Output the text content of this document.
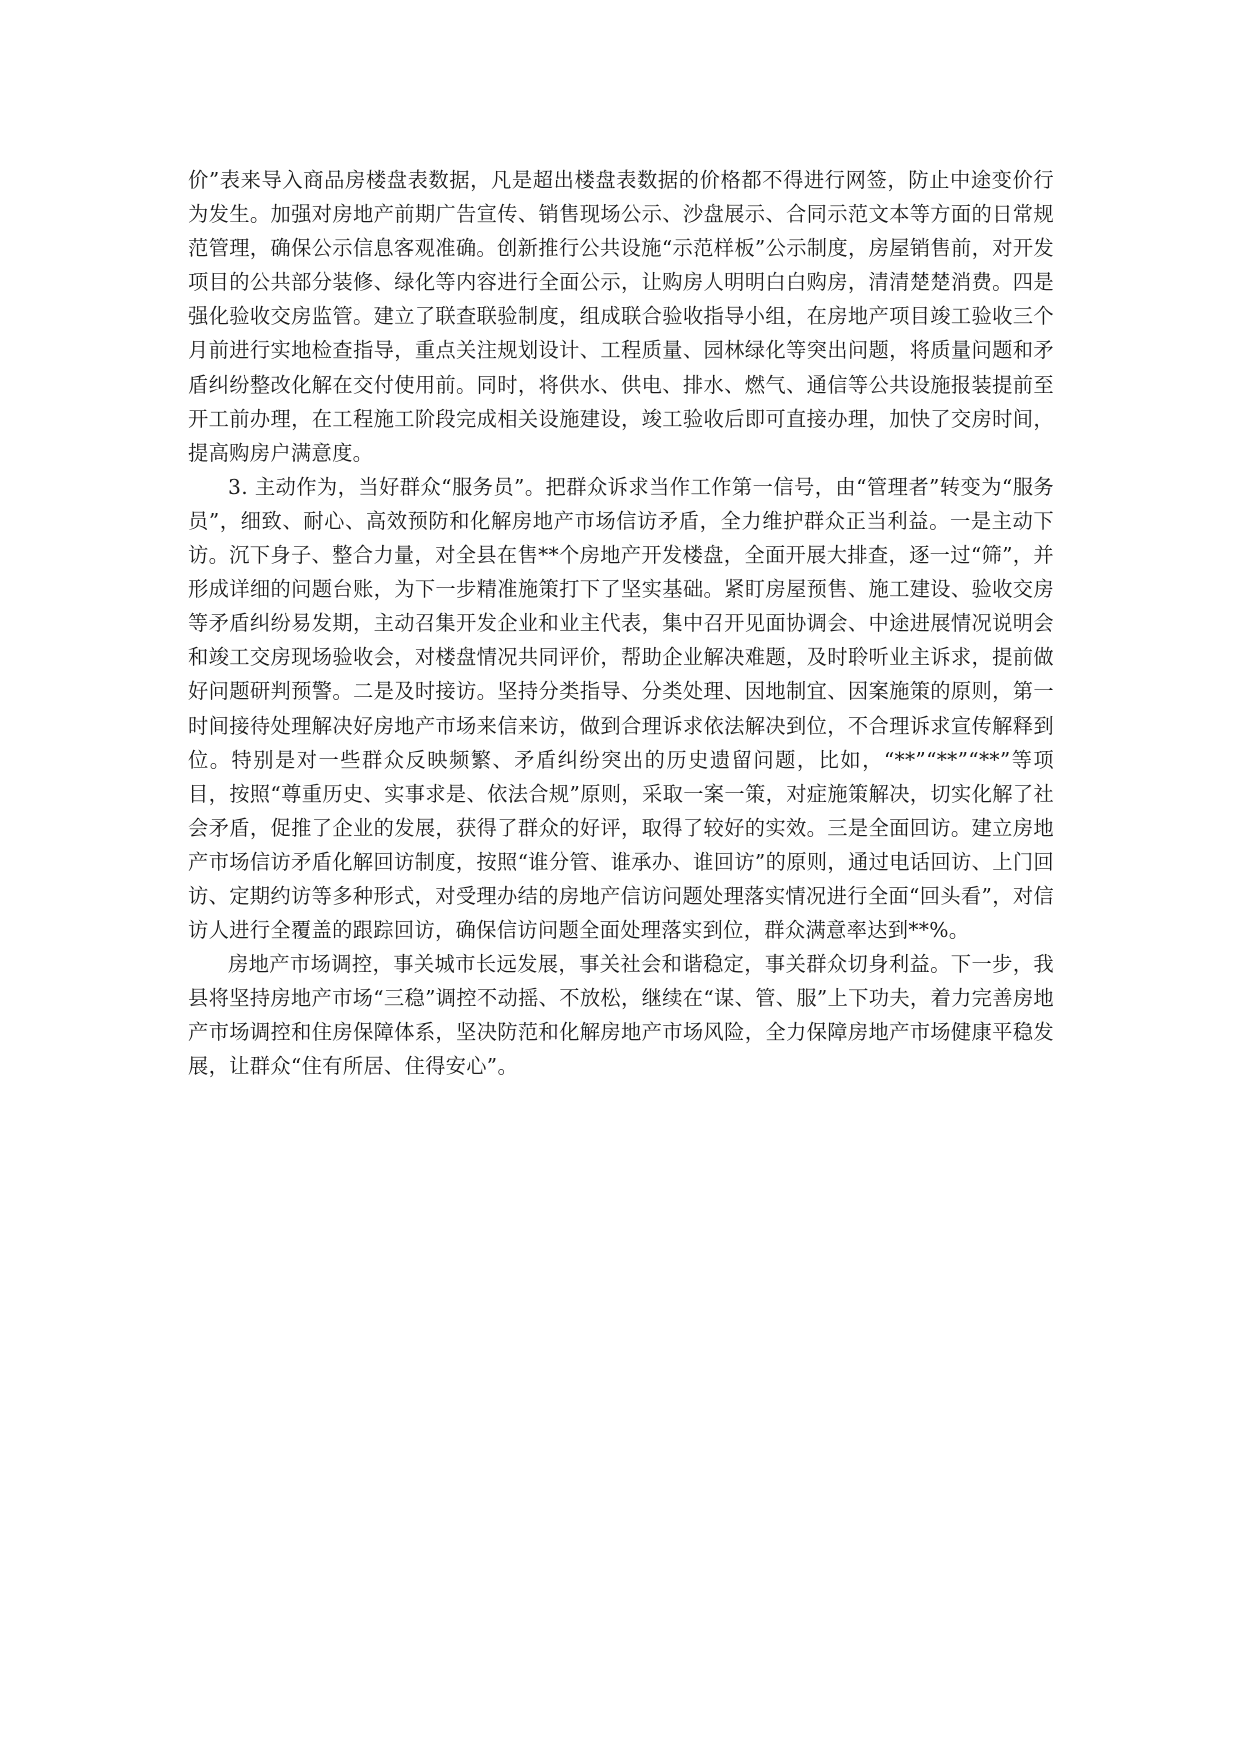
价”表来导入商品房楼盘表数据，凡是超出楼盘表数据的价格都不得进行网签，防止中途变价行为发生。加强对房地产前期广告宣传、销售现场公示、沙盘展示、合同示范文本等方面的日常规范管理，确保公示信息客观准确。创新推行公共设施“示范样板”公示制度，房屋销售前，对开发项目的公共部分装修、绿化等内容进行全面公示，让购房人明明白白购房，清清楚楚消费。四是强化验收交房监管。建立了联查联验制度，组成联合验收指导小组，在房地产项目竣工验收三个月前进行实地检查指导，重点关注规划设计、工程质量、园林绿化等突出问题，将质量问题和矛盾纠纷整改化解在交付使用前。同时，将供水、供电、排水、燃气、通信等公共设施报装提前至开工前办理，在工程施工阶段完成相关设施建设，竣工验收后即可直接办理，加快了交房时间，提高购房户满意度。

3. 主动作为，当好群众“服务员”。把群众诉求当作工作第一信号，由“管理者”转变为“服务员”，细致、耐心、高效预防和化解房地产市场信访矛盾，全力维护群众正当利益。一是主动下访。沉下身子、整合力量，对全县在售**个房地产开发楼盘，全面开展大排查，逐一过“筛”，并形成详细的问题台账，为下一步精准施策打下了坚实基础。紧盯房屋预售、施工建设、验收交房等矛盾纠纷易发期，主动召集开发企业和业主代表，集中召开见面协调会、中途进展情况说明会和竣工交房现场验收会，对楼盘情况共同评价，帮助企业解决难题，及时聆听业主诉求，提前做好问题研判预警。二是及时接访。坚持分类指导、分类处理、因地制宜、因案施策的原则，第一时间接待处理解决好房地产市场来信来访，做到合理诉求依法解决到位，不合理诉求宣传解释到位。特别是对一些群众反映频繁、矛盾纠纷突出的历史遗留问题，比如，“**”“**”“**”等项目，按照“尊重历史、实事求是、依法合规”原则，采取一案一策，对症施策解决，切实化解了社会矛盾，促推了企业的发展，获得了群众的好评，取得了较好的实效。三是全面回访。建立房地产市场信访矛盾化解回访制度，按照“谁分管、谁承办、谁回访”的原则，通过电话回访、上门回访、定期约访等多种形式，对受理办结的房地产信访问题处理落实情况进行全面“回头看”，对信访人进行全覆盖的跟踪回访，确保信访问题全面处理落实到位，群众满意率达到**%。

房地产市场调控，事关城市长远发展，事关社会和谐稳定，事关群众切身利益。下一步，我县将坚持房地产市场“三稳”调控不动摇、不放松，继续在“谋、管、服”上下功夫，着力完善房地产市场调控和住房保障体系，坚决防范和化解房地产市场风险，全力保障房地产市场健康平稳发展，让群众“住有所居、住得安心”。
